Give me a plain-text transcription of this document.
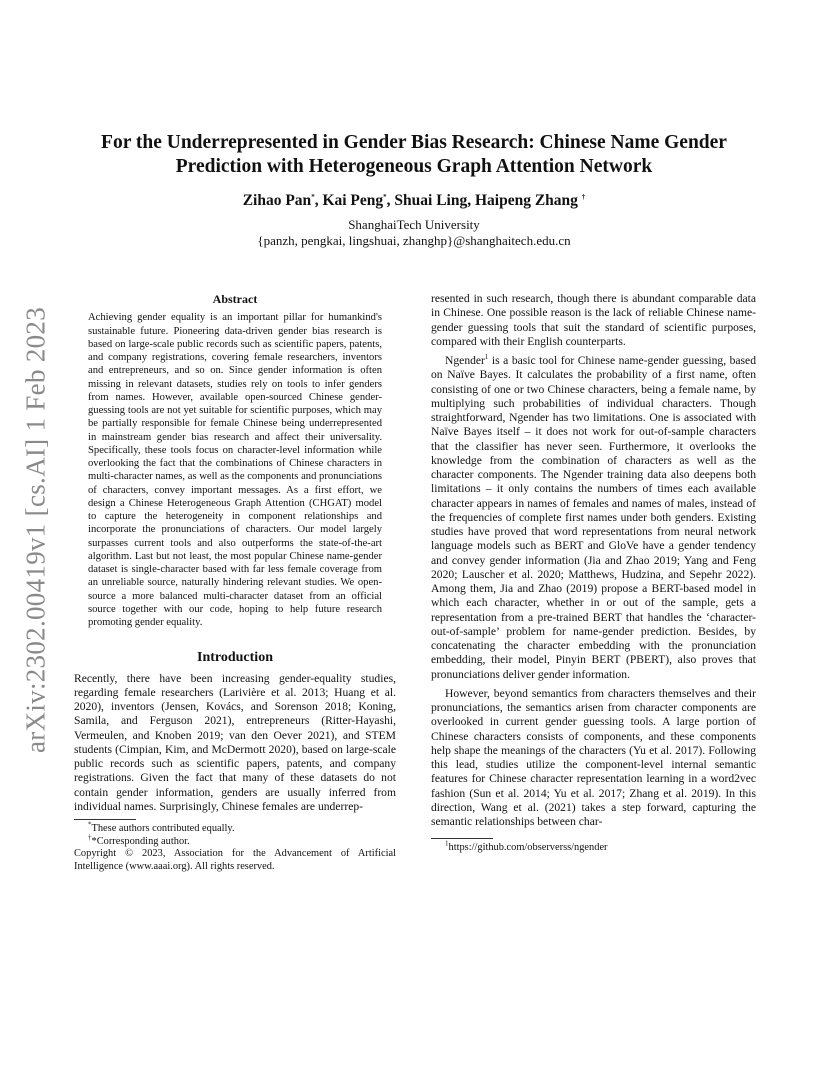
arXiv:2302.00419v1 [cs.AI] 1 Feb 2023
For the Underrepresented in Gender Bias Research: Chinese Name Gender Prediction with Heterogeneous Graph Attention Network
Zihao Pan*, Kai Peng*, Shuai Ling, Haipeng Zhang †
ShanghaiTech University
{panzh, pengkai, lingshuai, zhanghp}@shanghaitech.edu.cn
Abstract
Achieving gender equality is an important pillar for humankind's sustainable future. Pioneering data-driven gender bias research is based on large-scale public records such as scientific papers, patents, and company registrations, covering female researchers, inventors and entrepreneurs, and so on. Since gender information is often missing in relevant datasets, studies rely on tools to infer genders from names. However, available open-sourced Chinese gender-guessing tools are not yet suitable for scientific purposes, which may be partially responsible for female Chinese being underrepresented in mainstream gender bias research and affect their universality. Specifically, these tools focus on character-level information while overlooking the fact that the combinations of Chinese characters in multi-character names, as well as the components and pronunciations of characters, convey important messages. As a first effort, we design a Chinese Heterogeneous Graph Attention (CHGAT) model to capture the heterogeneity in component relationships and incorporate the pronunciations of characters. Our model largely surpasses current tools and also outperforms the state-of-the-art algorithm. Last but not least, the most popular Chinese name-gender dataset is single-character based with far less female coverage from an unreliable source, naturally hindering relevant studies. We open-source a more balanced multi-character dataset from an official source together with our code, hoping to help future research promoting gender equality.
Introduction

Recently, there have been increasing gender-equality studies, regarding female researchers (Larivière et al. 2013; Huang et al. 2020), inventors (Jensen, Kovács, and Sorenson 2018; Koning, Samila, and Ferguson 2021), entrepreneurs (Ritter-Hayashi, Vermeulen, and Knoben 2019; van den Oever 2021), and STEM students (Cimpian, Kim, and McDermott 2020), based on large-scale public records such as scientific papers, patents, and company registrations. Given the fact that many of these datasets do not contain gender information, genders are usually inferred from individual names. Surprisingly, Chinese females are underrep-

*These authors contributed equally.
†*Corresponding author.
Copyright © 2023, Association for the Advancement of Artificial Intelligence (www.aaai.org). All rights reserved.

resented in such research, though there is abundant comparable data in Chinese. One possible reason is the lack of reliable Chinese name-gender guessing tools that suit the standard of scientific purposes, compared with their English counterparts.

Ngender$^1$ is a basic tool for Chinese name-gender guessing, based on Naïve Bayes. It calculates the probability of a first name, often consisting of one or two Chinese characters, being a female name, by multiplying such probabilities of individual characters. Though straightforward, Ngender has two limitations. One is associated with Naïve Bayes itself – it does not work for out-of-sample characters that the classifier has never seen. Furthermore, it overlooks the knowledge from the combination of characters as well as the character components. The Ngender training data also deepens both limitations – it only contains the numbers of times each available character appears in names of females and names of males, instead of the frequencies of complete first names under both genders. Existing studies have proved that word representations from neural network language models such as BERT and GloVe have a gender tendency and convey gender information (Jia and Zhao 2019; Yang and Feng 2020; Lauscher et al. 2020; Matthews, Hudzina, and Sepehr 2022). Among them, Jia and Zhao (2019) propose a BERT-based model in which each character, whether in or out of the sample, gets a representation from a pre-trained BERT that handles the ‘character-out-of-sample’ problem for name-gender prediction. Besides, by concatenating the character embedding with the pronunciation embedding, their model, Pinyin BERT (PBERT), also proves that pronunciations deliver gender information.

However, beyond semantics from characters themselves and their pronunciations, the semantics arisen from character components are overlooked in current gender guessing tools. A large portion of Chinese characters consists of components, and these components help shape the meanings of the characters (Yu et al. 2017). Following this lead, studies utilize the component-level internal semantic features for Chinese character representation learning in a word2vec fashion (Sun et al. 2014; Yu et al. 2017; Zhang et al. 2019). In this direction, Wang et al. (2021) takes a step forward, capturing the semantic relationships between char-

$^1$https://github.com/observerss/ngender
